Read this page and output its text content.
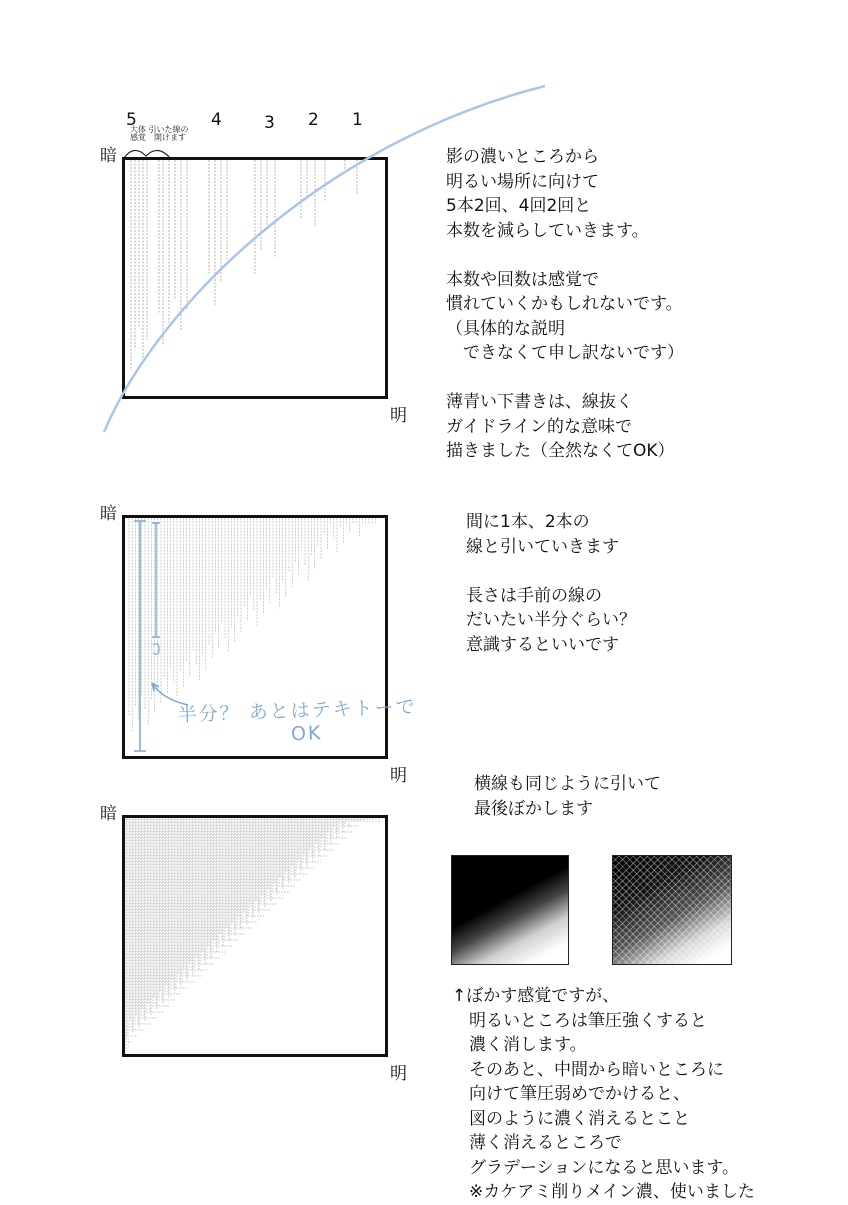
5	4 3 2 1
大体 引いた線の
感覚　開けます
暗
明
影の濃いところから
明るい場所に向けて
5本2回、4回2回と
本数を減らしていきます。

本数や回数は感覚で
慣れていくかもしれないです。
（具体的な説明
　できなくて申し訳ないです）

薄青い下書きは、線抜く
ガイドライン的な意味で
描きました（全然なくてOK）
暗
半分？ あとはテキトーで
OK
明
間に1本、2本の
線と引いていきます

長さは手前の線の
だいたい半分ぐらい？
意識するといいです
横線も同じように引いて
最後ぼかします
暗
明
↑ぼかす感覚ですが、
　明るいところは筆圧強くすると
　濃く消します。
　そのあと、中間から暗いところに
　向けて筆圧弱めでかけると、
　図のように濃く消えるとこと
　薄く消えるところで
　グラデーションになると思います。
　※カケアミ削りメイン濃、使いました
